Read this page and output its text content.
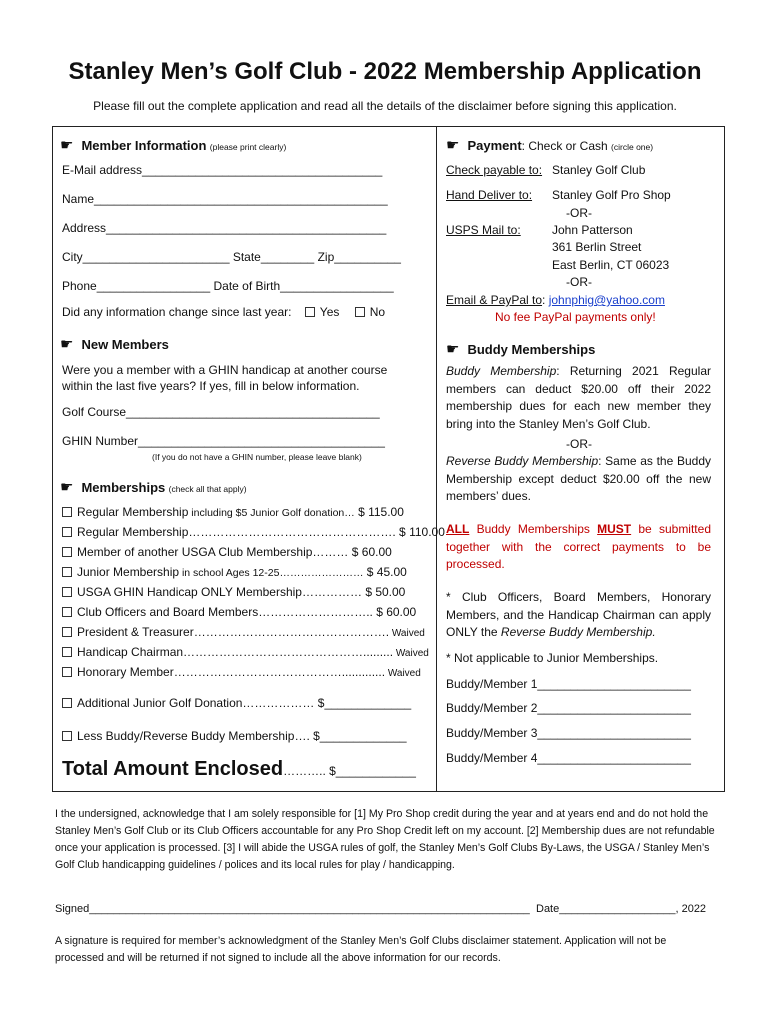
Stanley Men’s Golf Club - 2022 Membership Application
Please fill out the complete application and read all the details of the disclaimer before signing this application.
☛ Member Information (please print clearly)
E-Mail address____________________________________
Name____________________________________________
Address__________________________________________
City______________________ State________ Zip__________
Phone_________________ Date of Birth_________________
Did any information change since last year: Yes	No
☛ New Members
Were you a member with a GHIN handicap at another course
within the last five years? If yes, fill in below information.
Golf Course______________________________________
GHIN Number_____________________________________
(If you do not have a GHIN number, please leave blank)
☛ Memberships (check all that apply)
Regular Membership including $5 Junior Golf donation… $ 115.00
Regular Membership……………………………………………. $ 110.00
Member of another USGA Club Membership……… $ 60.00
Junior Membership in school Ages 12-25…………………… $ 45.00
USGA GHIN Handicap ONLY Membership…………… $ 50.00
Club Officers and Board Members……………………….. $ 60.00
President & Treasurer…………………………………………. Waived
Handicap Chairman………………………………………......... Waived
Honorary Member……………………………………............. Waived
Additional Junior Golf Donation……………… $_____________
Less Buddy/Reverse Buddy Membership…. $_____________
Total Amount Enclosed……….. $____________
☛ Payment: Check or Cash (circle one)
Check payable to: Stanley Golf Club
Hand Deliver to: Stanley Golf Pro Shop
-OR-
USPS Mail to:	John Patterson
361 Berlin Street
East Berlin, CT 06023
-OR-
Email & PayPal to: johnphig@yahoo.com
No fee PayPal payments only!
☛ Buddy Memberships
Buddy Membership: Returning 2021 Regular members can deduct $20.00 off their 2022 membership dues for each new member they bring into the Stanley Men’s Golf Club.
-OR-
Reverse Buddy Membership: Same as the Buddy Membership except deduct $20.00 off the new members’ dues.
ALL Buddy Memberships MUST be submitted together with the correct payments to be processed.
* Club Officers, Board Members, Honorary Members, and the Handicap Chairman can apply ONLY the Reverse Buddy Membership.
* Not applicable to Junior Memberships.
Buddy/Member 1_______________________
Buddy/Member 2_______________________
Buddy/Member 3_______________________
Buddy/Member 4_______________________
I the undersigned, acknowledge that I am solely responsible for [1] My Pro Shop credit during the year and at years end and do not hold the Stanley Men’s Golf Club or its Club Officers accountable for any Pro Shop Credit left on my account. [2] Membership dues are not refundable once your application is processed. [3] I will abide the USGA rules of golf, the Stanley Men’s Golf Clubs By-Laws, the USGA / Stanley Men’s Golf Club handicapping guidelines / polices and its local rules for play / handicapping.
Signed________________________________________________________________________ Date___________________, 2022
A signature is required for member’s acknowledgment of the Stanley Men’s Golf Clubs disclaimer statement. Application will not be processed and will be returned if not signed to include all the above information for our records.
